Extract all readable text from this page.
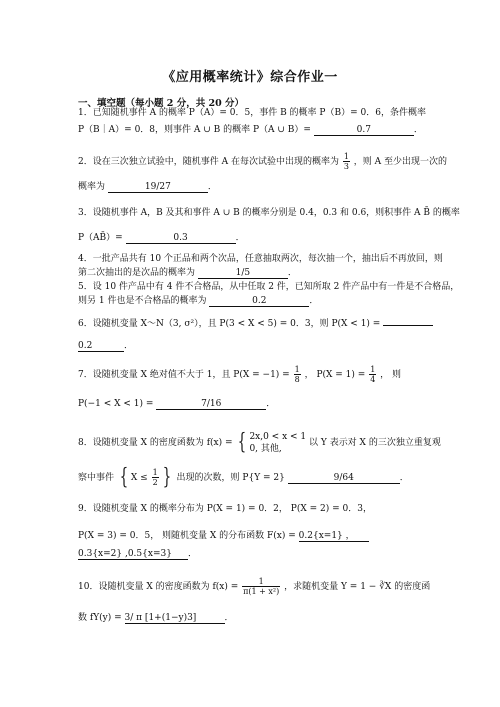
《应用概率统计》综合作业一
一、填空题（每小题 2 分，共 20 分）
1．已知随机事件 A 的概率 P（A）= 0．5，事件 B 的概率 P（B）= 0．6，条件概率
P（B｜A）= 0．8，则事件 A ∪ B 的概率 P（A ∪ B）=	0.7	．
2．设在三次独立试验中，随机事件 A 在每次试验中出现的概率为 $\frac{1}{3}$ ，则 A 至少出现一次的
概率为	19/27	．
3．设随机事件 A，B 及其和事件 A ∪ B 的概率分别是 0.4，0.3 和 0.6，则积事件 A B̄ 的概率
P（AB̄）=	0.3	．
4．一批产品共有 10 个正品和两个次品，任意抽取两次，每次抽一个，抽出后不再放回，则
第二次抽出的是次品的概率为	1/5	．
5．设 10 件产品中有 4 件不合格品，从中任取 2 件，已知所取 2 件产品中有一件是不合格品，
则另 1 件也是不合格品的概率为	0.2	．
6．设随机变量 X～N（3, σ²），且 P(3 < X < 5) = 0．3，则 P(X < 1) =
0.2	．
7．设随机变量 X 绝对值不大于 1，且 $P(X = -1) = \frac{1}{8}$ ， $P(X = 1) = \frac{1}{4}$ ， 则
P(−1 < X < 1) =	7/16	．
8．设随机变量 X 的密度函数为 f(x) = { 2x,0 < x < 1
0, 其他,
以 Y 表示对 X 的三次独立重复观
察中事件 { $X \le \frac{1}{2}$ } 出现的次数，则 P{Y = 2}	9/64	．
9．设随机变量 X 的概率分布为 P(X = 1) = 0．2， P(X = 2) = 0．3，
P(X = 3) = 0．5， 则随机变量 X 的分布函数 F(x) = 0.2{x=1} ，
0.3{x=2} ,0.5{x=3} ．
10．设随机变量 X 的密度函数为 $f(x) = \frac{1}{\text{π(1 + x²)}}$ ，求随机变量 Y = 1 − ∛X 的密度函
数 fY(y) = 3/ π [1+(1−y)3]	．
